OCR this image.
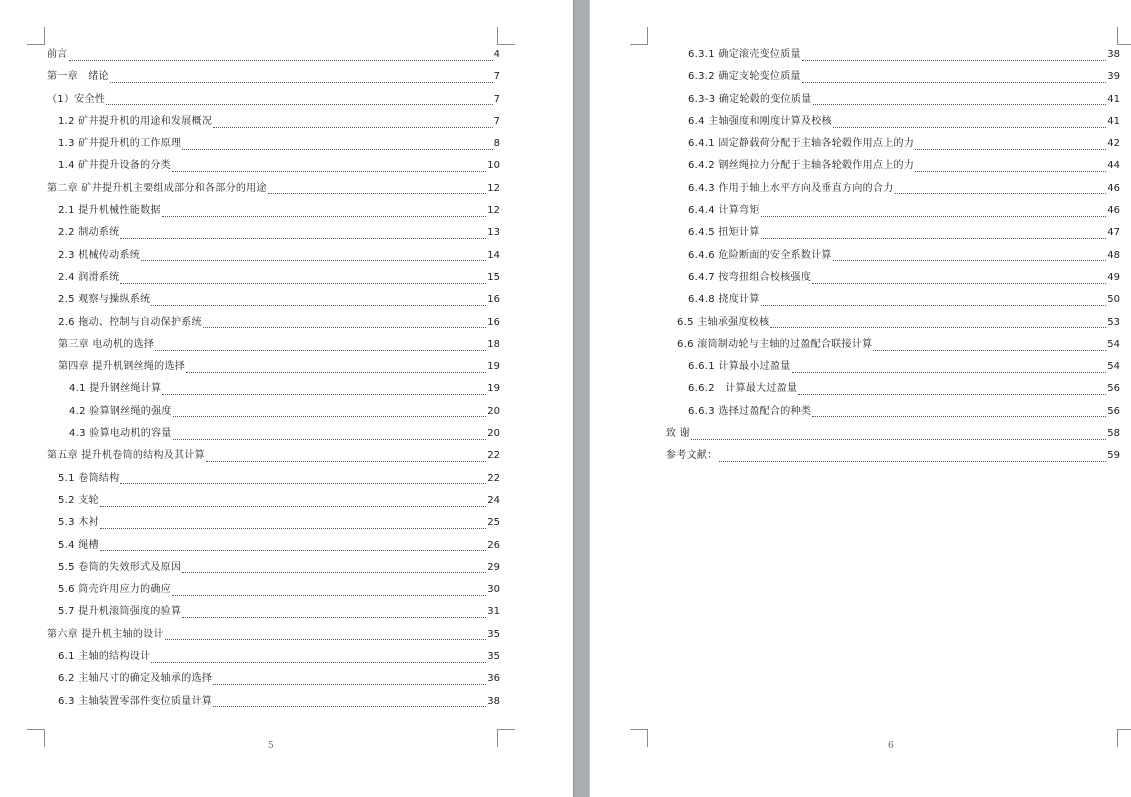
前言	4
第一章　绪论	7
（1）安全性	7
1.2 矿井提升机的用途和发展概况	7
1.3 矿井提升机的工作原理	8
1.4 矿井提升设备的分类	10
第二章 矿井提升机主要组成部分和各部分的用途	12
2.1 提升机械性能数据	12
2.2 制动系统	13
2.3 机械传动系统	14
2.4 润滑系统	15
2.5 观察与操纵系统	16
2.6 拖动、控制与自动保护系统	16
第三章 电动机的选择	18
第四章 提升机钢丝绳的选择	19
4.1 提升钢丝绳计算	19
4.2 验算钢丝绳的强度	20
4.3 验算电动机的容量	20
第五章 提升机卷筒的结构及其计算	22
5.1 卷筒结构	22
5.2 支轮	24
5.3 木衬	25
5.4 绳槽	26
5.5 卷筒的失效形式及原因	29
5.6 筒壳许用应力的确应	30
5.7 提升机滚筒强度的验算	31
第六章 提升机主轴的设计	35
6.1 主轴的结构设计	35
6.2 主轴尺寸的确定及轴承的选择	36
6.3 主轴装置零部件变位质量计算	38
5
6.3.1 确定滚壳变位质量	38
6.3.2 确定支轮变位质量	39
6.3-3 确定轮毂的变位质量	41
6.4 主轴强度和刚度计算及校核	41
6.4.1 固定静载荷分配于主轴各轮毂作用点上的力	42
6.4.2 钢丝绳拉力分配于主轴各轮毂作用点上的力	44
6.4.3 作用于轴上水平方向及垂直方向的合力	46
6.4.4 计算弯矩	46
6.4.5 扭矩计算	47
6.4.6 危险断面的安全系数计算	48
6.4.7 按弯扭组合校核强度	49
6.4.8 挠度计算	50
6.5 主轴承强度校核	53
6.6 滚筒制动轮与主轴的过盈配合联接计算	54
6.6.1 计算最小过盈量	54
6.6.2　计算最大过盈量	56
6.6.3 选择过盈配合的种类	56
致 谢	58
参考文献：	59
6
